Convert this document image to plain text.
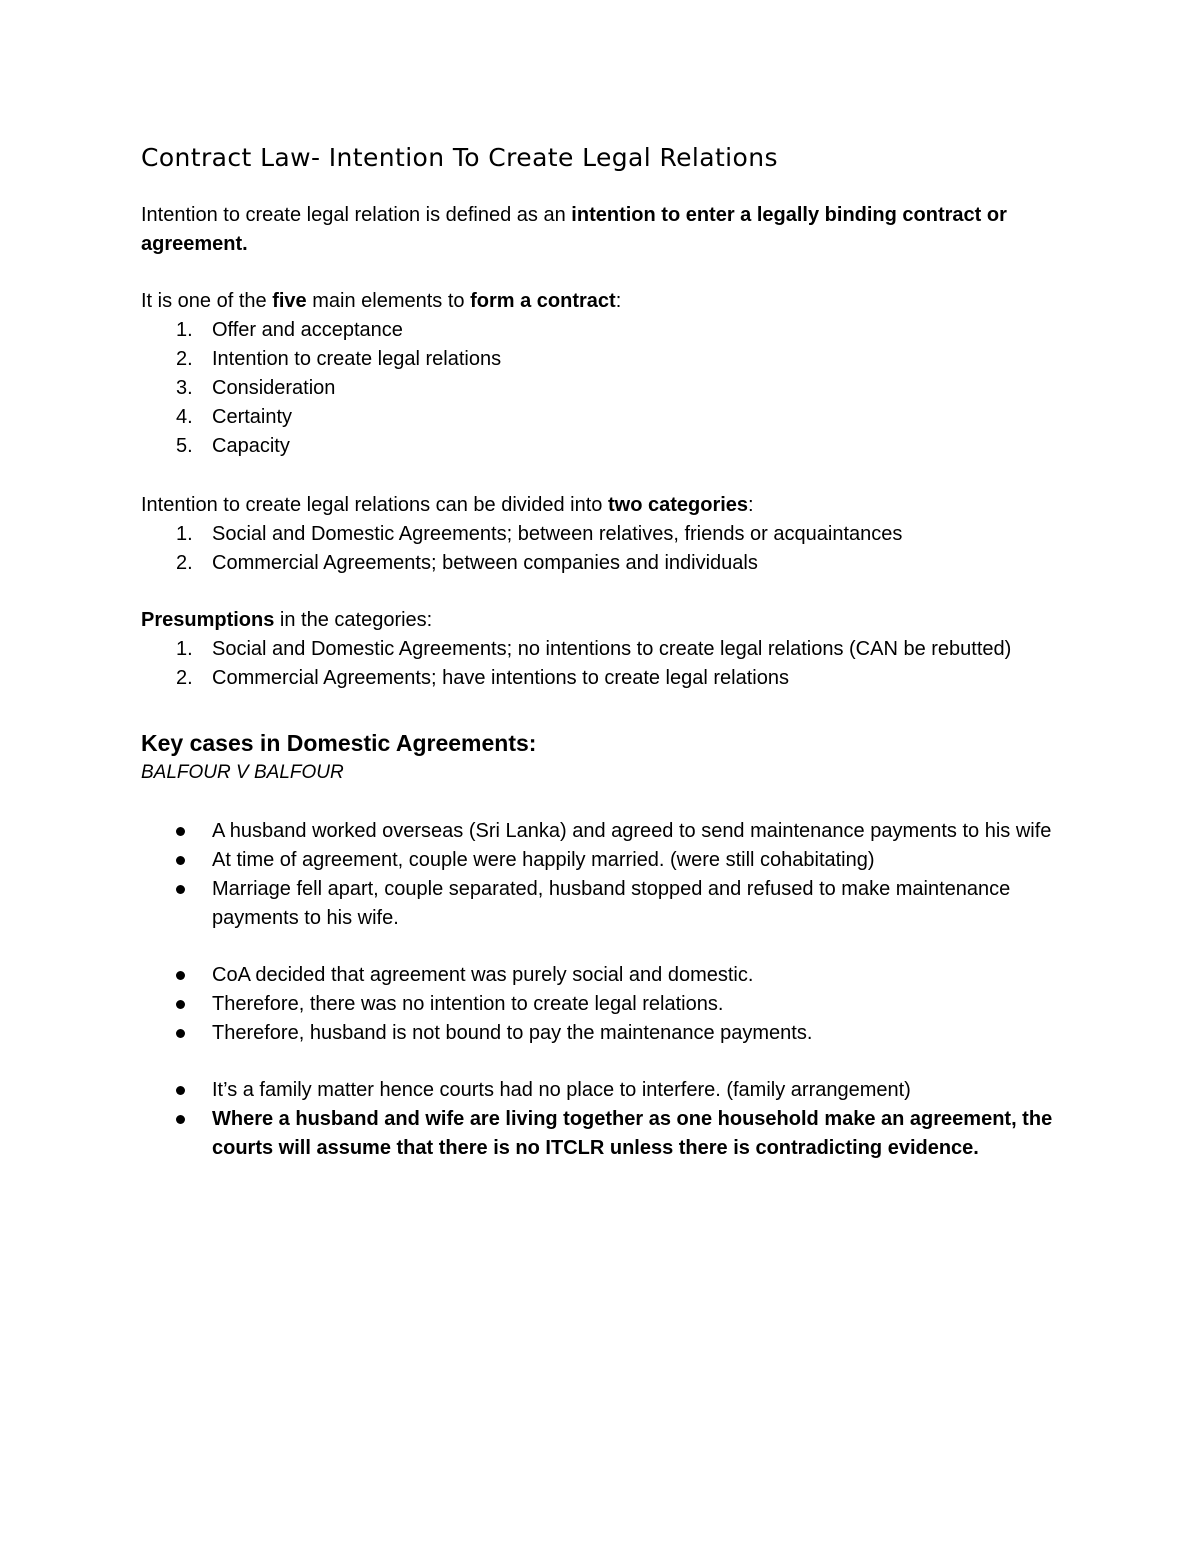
Contract Law- Intention To Create Legal Relations

Intention to create legal relation is defined as an intention to enter a legally binding contract or agreement.

It is one of the five main elements to form a contract:

1. Offer and acceptance
2. Intention to create legal relations
3. Consideration
4. Certainty
5. Capacity

Intention to create legal relations can be divided into two categories:

1. Social and Domestic Agreements; between relatives, friends or acquaintances
2. Commercial Agreements; between companies and individuals

Presumptions in the categories:

1. Social and Domestic Agreements; no intentions to create legal relations (CAN be rebutted)
2. Commercial Agreements; have intentions to create legal relations

Key cases in Domestic Agreements:

BALFOUR V BALFOUR

A husband worked overseas (Sri Lanka) and agreed to send maintenance payments to his wife
At time of agreement, couple were happily married. (were still cohabitating)
Marriage fell apart, couple separated, husband stopped and refused to make maintenance payments to his wife.
CoA decided that agreement was purely social and domestic.
Therefore, there was no intention to create legal relations.
Therefore, husband is not bound to pay the maintenance payments.
It’s a family matter hence courts had no place to interfere. (family arrangement)
Where a husband and wife are living together as one household make an agreement, the courts will assume that there is no ITCLR unless there is contradicting evidence.
